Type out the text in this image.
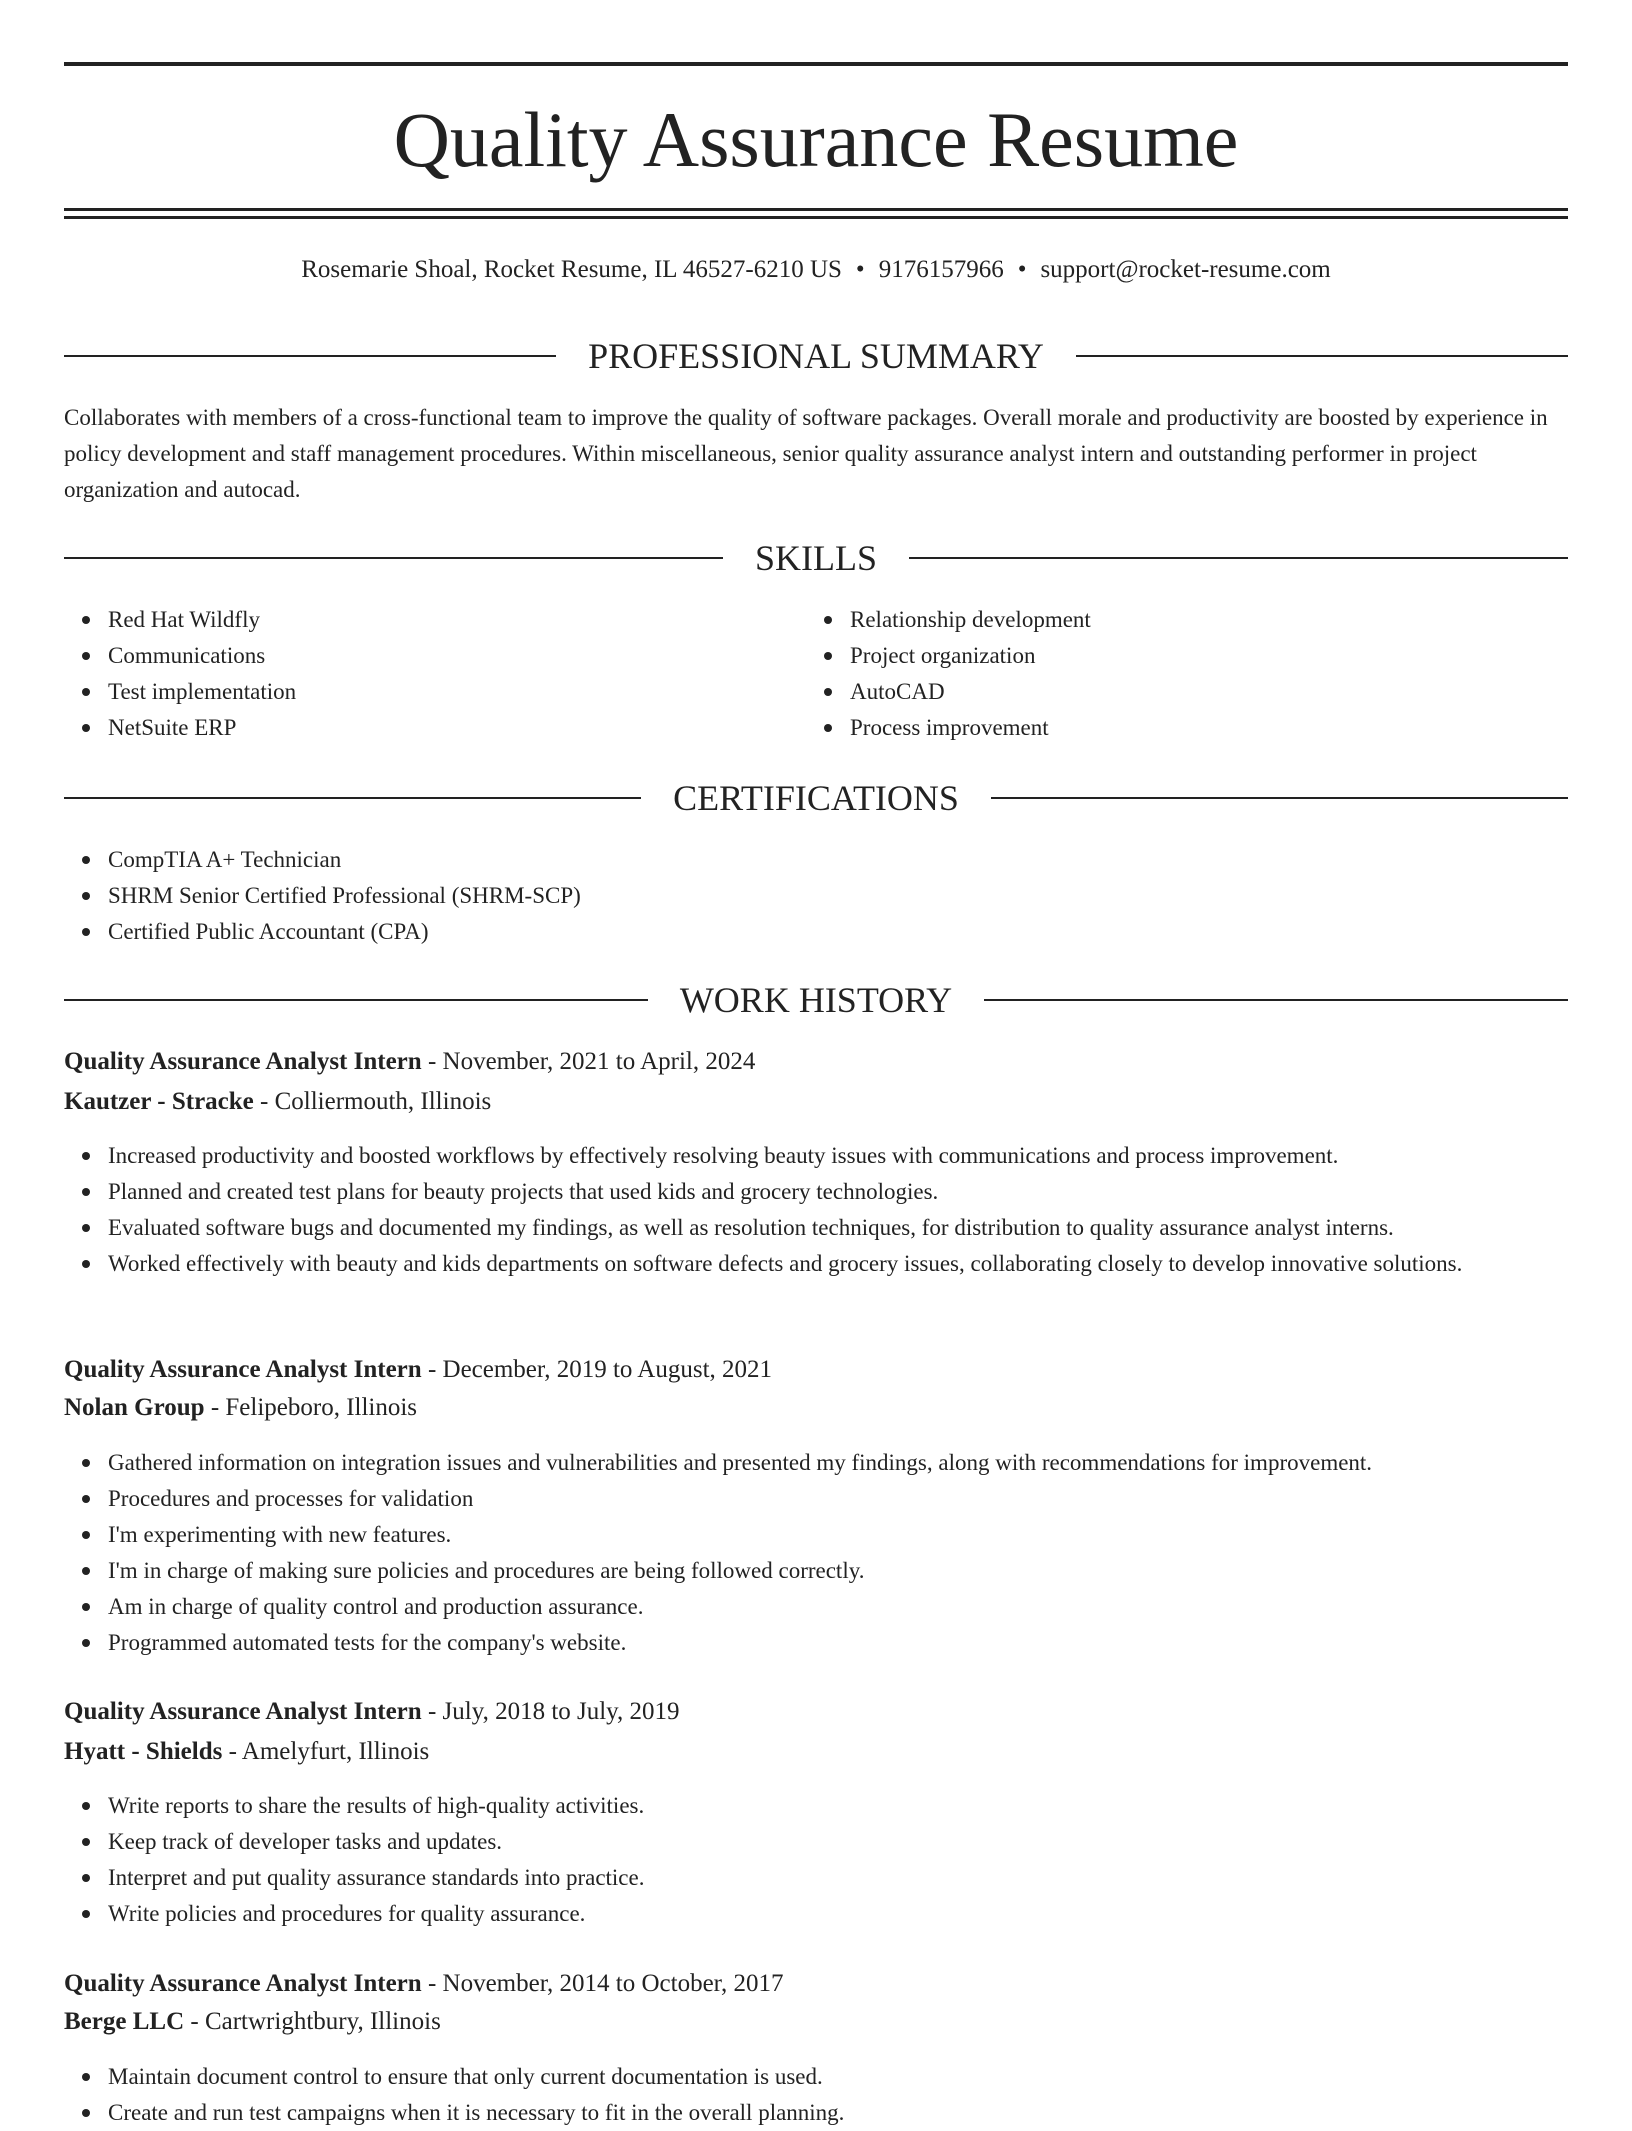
Quality Assurance Resume
Rosemarie Shoal, Rocket Resume, IL 46527-6210 US • 9176157966 • support@rocket-resume.com
PROFESSIONAL SUMMARY

Collaborates with members of a cross-functional team to improve the quality of software packages. Overall morale and productivity are boosted by experience in policy development and staff management procedures. Within miscellaneous, senior quality assurance analyst intern and outstanding performer in project organization and autocad.

SKILLS
Red Hat Wildfly
Communications
Test implementation
NetSuite ERP
Relationship development
Project organization
AutoCAD
Process improvement
CERTIFICATIONS
CompTIA A+ Technician
SHRM Senior Certified Professional (SHRM-SCP)
Certified Public Accountant (CPA)
WORK HISTORY
Quality Assurance Analyst Intern - November, 2021 to April, 2024
Kautzer - Stracke - Colliermouth, Illinois
Increased productivity and boosted workflows by effectively resolving beauty issues with communications and process improvement.
Planned and created test plans for beauty projects that used kids and grocery technologies.
Evaluated software bugs and documented my findings, as well as resolution techniques, for distribution to quality assurance analyst interns.
Worked effectively with beauty and kids departments on software defects and grocery issues, collaborating closely to develop innovative solutions.
Quality Assurance Analyst Intern - December, 2019 to August, 2021
Nolan Group - Felipeboro, Illinois
Gathered information on integration issues and vulnerabilities and presented my findings, along with recommendations for improvement.
Procedures and processes for validation
I'm experimenting with new features.
I'm in charge of making sure policies and procedures are being followed correctly.
Am in charge of quality control and production assurance.
Programmed automated tests for the company's website.
Quality Assurance Analyst Intern - July, 2018 to July, 2019
Hyatt - Shields - Amelyfurt, Illinois
Write reports to share the results of high-quality activities.
Keep track of developer tasks and updates.
Interpret and put quality assurance standards into practice.
Write policies and procedures for quality assurance.
Quality Assurance Analyst Intern - November, 2014 to October, 2017
Berge LLC - Cartwrightbury, Illinois
Maintain document control to ensure that only current documentation is used.
Create and run test campaigns when it is necessary to fit in the overall planning.
